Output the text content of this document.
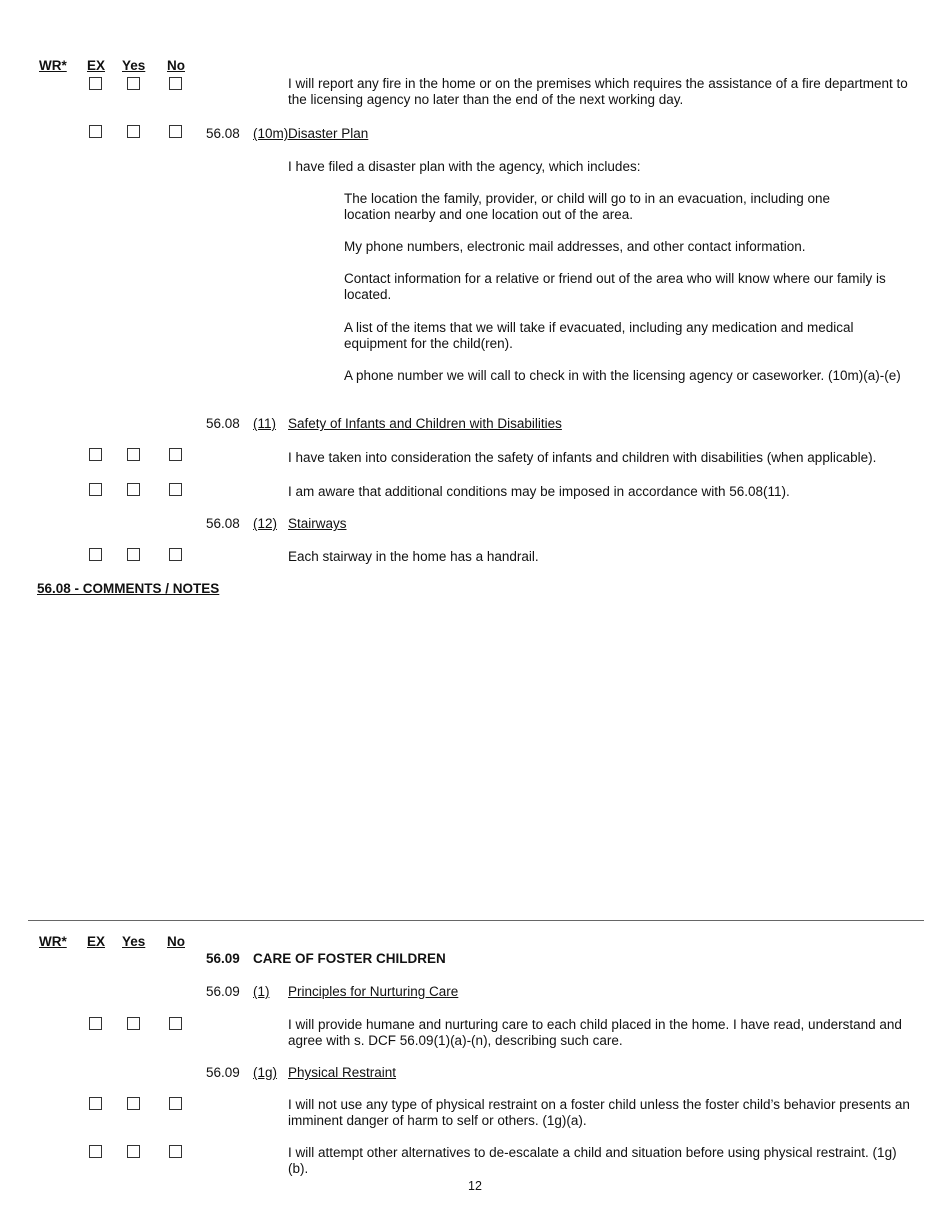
WR* EX Yes No
I will report any fire in the home or on the premises which requires the assistance of a fire department to the licensing agency no later than the end of the next working day.
56.08 (10m) Disaster Plan
I have filed a disaster plan with the agency, which includes:
The location the family, provider, or child will go to in an evacuation, including one location nearby and one location out of the area.
My phone numbers, electronic mail addresses, and other contact information.
Contact information for a relative or friend out of the area who will know where our family is located.
A list of the items that we will take if evacuated, including any medication and medical equipment for the child(ren).
A phone number we will call to check in with the licensing agency or caseworker. (10m)(a)-(e)
56.08 (11) Safety of Infants and Children with Disabilities
I have taken into consideration the safety of infants and children with disabilities (when applicable).
I am aware that additional conditions may be imposed in accordance with 56.08(11).
56.08 (12) Stairways
Each stairway in the home has a handrail.
56.08 - COMMENTS / NOTES
WR* EX Yes No
56.09 CARE OF FOSTER CHILDREN
56.09 (1) Principles for Nurturing Care
I will provide humane and nurturing care to each child placed in the home. I have read, understand and agree with s. DCF 56.09(1)(a)-(n), describing such care.
56.09 (1g) Physical Restraint
I will not use any type of physical restraint on a foster child unless the foster child’s behavior presents an imminent danger of harm to self or others. (1g)(a).
I will attempt other alternatives to de-escalate a child and situation before using physical restraint. (1g)(b).
12
